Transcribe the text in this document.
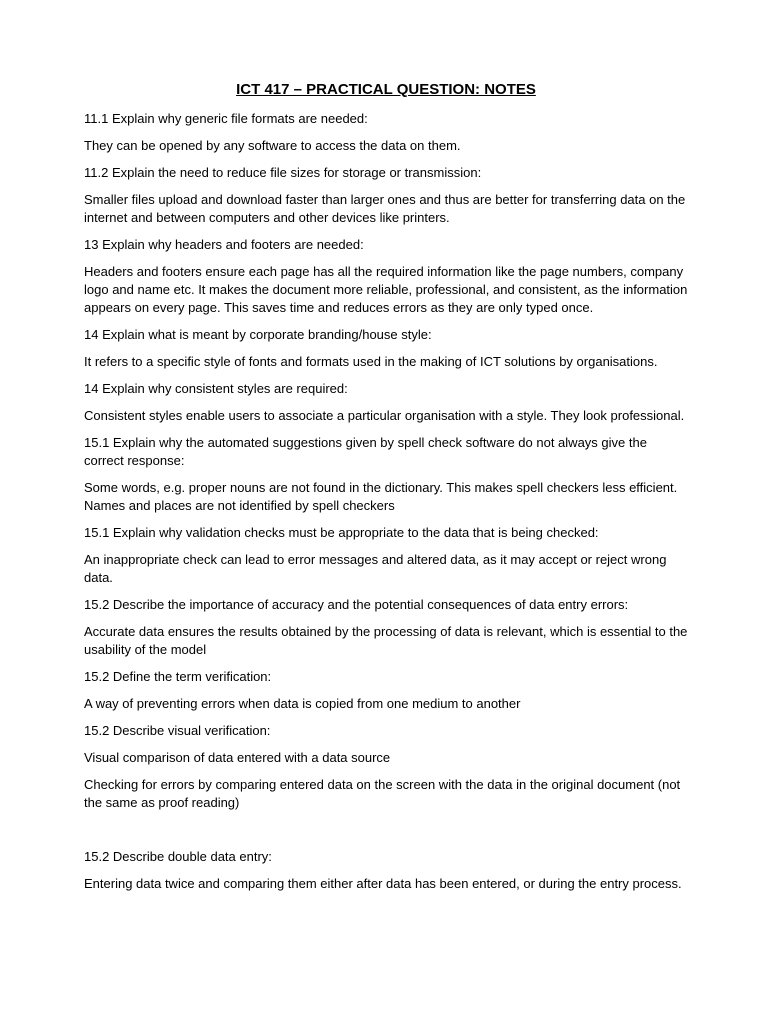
ICT 417 – PRACTICAL QUESTION: NOTES

11.1 Explain why generic file formats are needed:

They can be opened by any software to access the data on them.

11.2 Explain the need to reduce file sizes for storage or transmission:

Smaller files upload and download faster than larger ones and thus are better for transferring data on the internet and between computers and other devices like printers.

13 Explain why headers and footers are needed:

Headers and footers ensure each page has all the required information like the page numbers, company logo and name etc. It makes the document more reliable, professional, and consistent, as the information appears on every page. This saves time and reduces errors as they are only typed once.

14 Explain what is meant by corporate branding/house style:

It refers to a specific style of fonts and formats used in the making of ICT solutions by organisations.

14 Explain why consistent styles are required:

Consistent styles enable users to associate a particular organisation with a style. They look professional.

15.1 Explain why the automated suggestions given by spell check software do not always give the correct response:

Some words, e.g. proper nouns are not found in the dictionary. This makes spell checkers less efficient. Names and places are not identified by spell checkers

15.1 Explain why validation checks must be appropriate to the data that is being checked:

An inappropriate check can lead to error messages and altered data, as it may accept or reject wrong data.

15.2 Describe the importance of accuracy and the potential consequences of data entry errors:

Accurate data ensures the results obtained by the processing of data is relevant, which is essential to the usability of the model

15.2 Define the term verification:

A way of preventing errors when data is copied from one medium to another

15.2 Describe visual verification:

Visual comparison of data entered with a data source

Checking for errors by comparing entered data on the screen with the data in the original document (not the same as proof reading)

15.2 Describe double data entry:

Entering data twice and comparing them either after data has been entered, or during the entry process.
